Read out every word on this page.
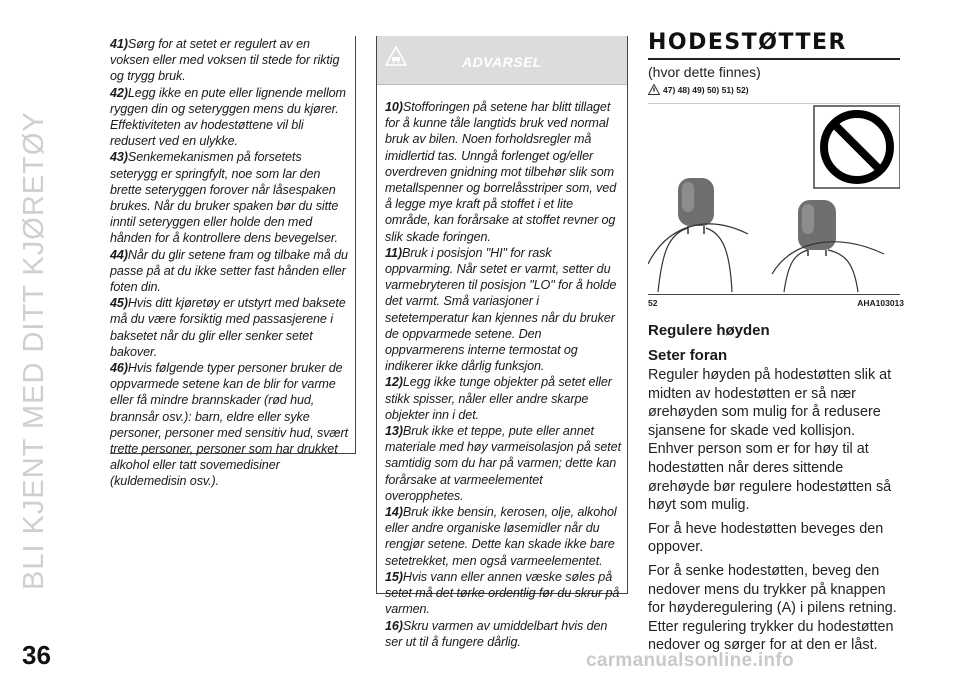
BLI KJENT MED DITT KJØRETØY

41)Sørg for at setet er regulert av en voksen eller med voksen til stede for riktig og trygg bruk.

42)Legg ikke en pute eller lignende mellom ryggen din og seteryggen mens du kjører. Effektiviteten av hodestøttene vil bli redusert ved en ulykke.

43)Senkemekanismen på forsetets seterygg er springfylt, noe som lar den brette seteryggen forover når låsespaken brukes. Når du bruker spaken bør du sitte inntil seteryggen eller holde den med hånden for å kontrollere dens bevegelser.

44)Når du glir setene fram og tilbake må du passe på at du ikke setter fast hånden eller foten din.

45)Hvis ditt kjøretøy er utstyrt med baksete må du være forsiktig med passasjerene i baksetet når du glir eller senker setet bakover.

46)Hvis følgende typer personer bruker de oppvarmede setene kan de blir for varme eller få mindre brannskader (rød hud, brannsår osv.): barn, eldre eller syke personer, personer med sensitiv hud, svært trette personer, personer som har drukket alkohol eller tatt sovemedisiner (kuldemedisin osv.).

ADVARSEL

10)Stofforingen på setene har blitt tillaget for å kunne tåle langtids bruk ved normal bruk av bilen. Noen forholdsregler må imidlertid tas. Unngå forlenget og/eller overdreven gnidning mot tilbehør slik som metallspenner og borrelåsstriper som, ved å legge mye kraft på stoffet i et lite område, kan forårsake at stoffet revner og slik skade foringen.

11)Bruk i posisjon "HI" for rask oppvarming. Når setet er varmt, setter du varmebryteren til posisjon "LO" for å holde det varmt. Små variasjoner i setetemperatur kan kjennes når du bruker de oppvarmede setene. Den oppvarmerens interne termostat og indikerer ikke dårlig funksjon.

12)Legg ikke tunge objekter på setet eller stikk spisser, nåler eller andre skarpe objekter inn i det.

13)Bruk ikke et teppe, pute eller annet materiale med høy varmeisolasjon på setet samtidig som du har på varmen; dette kan forårsake at varmeelementet overopphetes.

14)Bruk ikke bensin, kerosen, olje, alkohol eller andre organiske løsemidler når du rengjør setene. Dette kan skade ikke bare setetrekket, men også varmeelementet.

15)Hvis vann eller annen væske søles på setet må det tørke ordentlig før du skrur på varmen.

16)Skru varmen av umiddelbart hvis den ser ut til å fungere dårlig.

HODESTØTTER
(hvor dette finnes)
47) 48) 49) 50) 51) 52)
52	AHA103013
Regulere høyden
Seter foran

Reguler høyden på hodestøtten slik at midten av hodestøtten er så nær ørehøyden som mulig for å redusere sjansene for skade ved kollisjon. Enhver person som er for høy til at hodestøtten når deres sittende ørehøyde bør regulere hodestøtten så høyt som mulig.

For å heve hodestøtten beveges den oppover.

For å senke hodestøtten, beveg den nedover mens du trykker på knappen for høyderegulering (A) i pilens retning. Etter regulering trykker du hodestøtten nedover og sørger for at den er låst.

36	carmanualsonline.info
